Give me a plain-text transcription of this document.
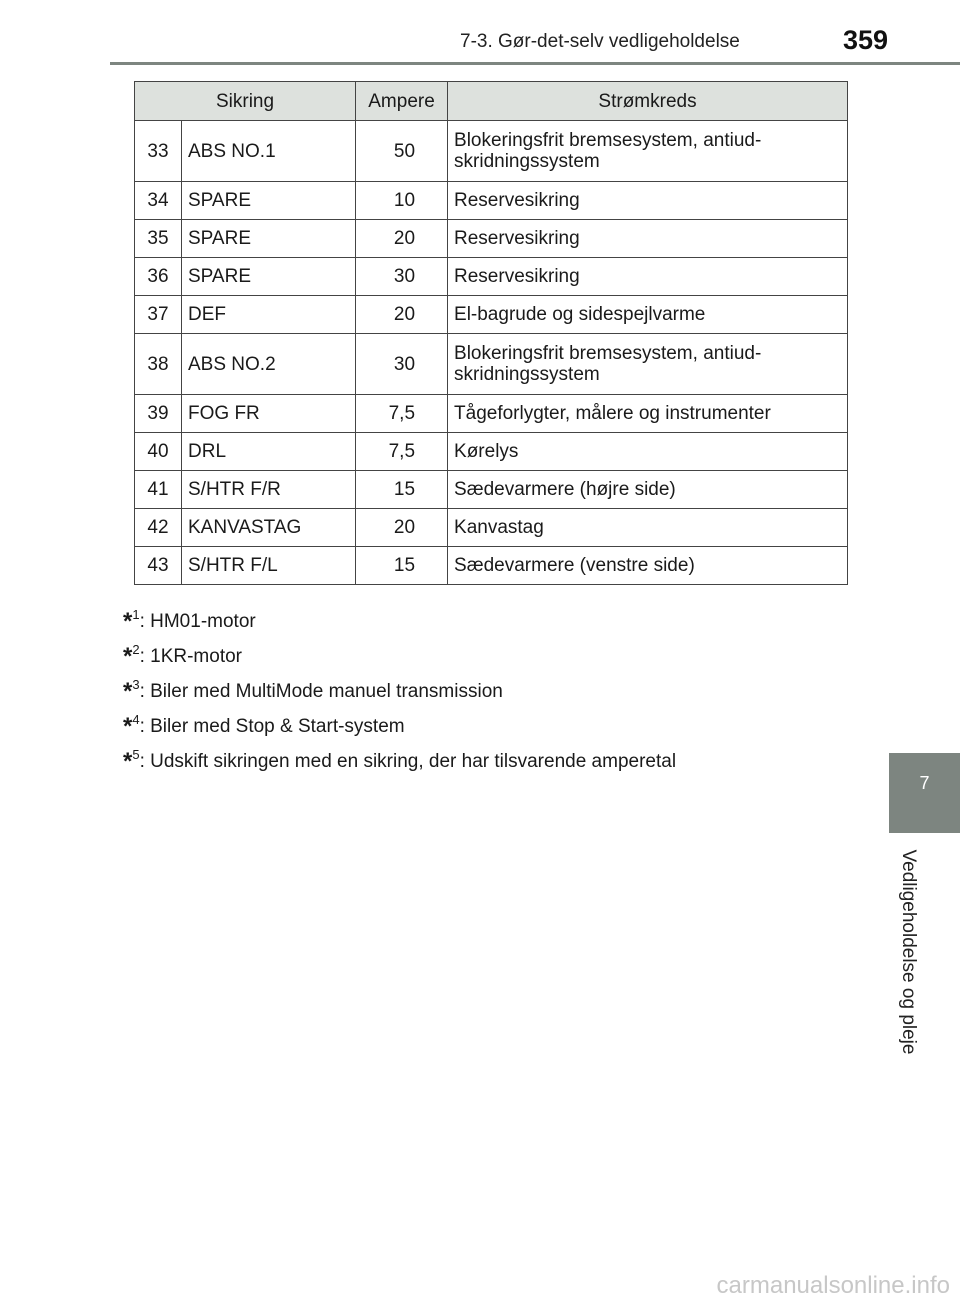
7-3. Gør-det-selv vedligeholdelse	359
Sikring		Ampere	Strømkreds
33	ABS NO.1	50	Blokeringsfrit bremsesystem, antiud-skridningssystem
34	SPARE	10	Reservesikring
35	SPARE	20	Reservesikring
36	SPARE	30	Reservesikring
37	DEF	20	El-bagrude og sidespejlvarme
38	ABS NO.2	30	Blokeringsfrit bremsesystem, antiud-skridningssystem
39	FOG FR	7,5	Tågeforlygter, målere og instrumenter
40	DRL	7,5	Kørelys
41	S/HTR F/R	15	Sædevarmere (højre side)
42	KANVASTAG	20	Kanvastag
43	S/HTR F/L	15	Sædevarmere (venstre side)
*$^1$: HM01-motor
*$^2$: 1KR-motor
*$^3$: Biler med MultiMode manuel transmission
*$^4$: Biler med Stop & Start-system
*$^5$: Udskift sikringen med en sikring, der har tilsvarende amperetal
7
Vedligeholdelse og pleje
carmanualsonline.info
